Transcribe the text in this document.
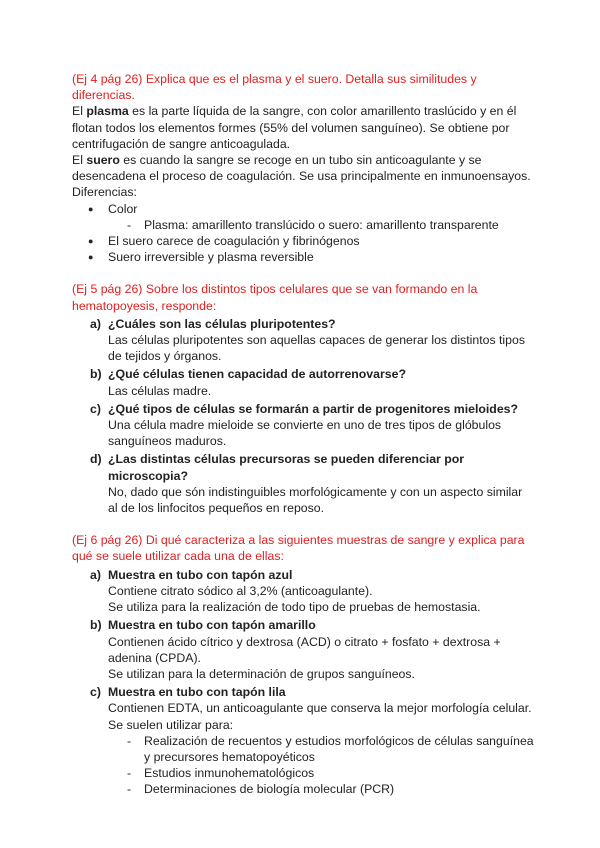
(Ej 4 pág 26) Explica que es el plasma y el suero. Detalla sus similitudes y diferencias.

El plasma es la parte líquida de la sangre, con color amarillento traslúcido y en él flotan todos los elementos formes (55% del volumen sanguíneo). Se obtiene por centrifugación de sangre anticoagulada.

El suero es cuando la sangre se recoge en un tubo sin anticoagulante y se desencadena el proceso de coagulación. Se usa principalmente en inmunoensayos.

Diferencias:

● Color

- Plasma: amarillento translúcido o suero: amarillento transparente

● El suero carece de coagulación y fibrinógenos

● Suero irreversible y plasma reversible

(Ej 5 pág 26) Sobre los distintos tipos celulares que se van formando en la hematopoyesis, responde:

a) ¿Cuáles son las células pluripotentes?

Las células pluripotentes son aquellas capaces de generar los distintos tipos de tejidos y órganos.

b) ¿Qué células tienen capacidad de autorrenovarse?

Las células madre.

c) ¿Qué tipos de células se formarán a partir de progenitores mieloides?

Una célula madre mieloide se convierte en uno de tres tipos de glóbulos sanguíneos maduros.

d) ¿Las distintas células precursoras se pueden diferenciar por microscopia?

No, dado que són indistinguibles morfológicamente y con un aspecto similar al de los linfocitos pequeños en reposo.

(Ej 6 pág 26) Di qué caracteriza a las siguientes muestras de sangre y explica para qué se suele utilizar cada una de ellas:

a) Muestra en tubo con tapón azul

Contiene citrato sódico al 3,2% (anticoagulante).

Se utiliza para la realización de todo tipo de pruebas de hemostasia.

b) Muestra en tubo con tapón amarillo

Contienen ácido cítrico y dextrosa (ACD) o citrato + fosfato + dextrosa + adenina (CPDA).

Se utilizan para la determinación de grupos sanguíneos.

c) Muestra en tubo con tapón lila

Contienen EDTA, un anticoagulante que conserva la mejor morfología celular.

Se suelen utilizar para:

- Realización de recuentos y estudios morfológicos de células sanguínea y precursores hematopoyéticos

- Estudios inmunohematológicos

- Determinaciones de biología molecular (PCR)
